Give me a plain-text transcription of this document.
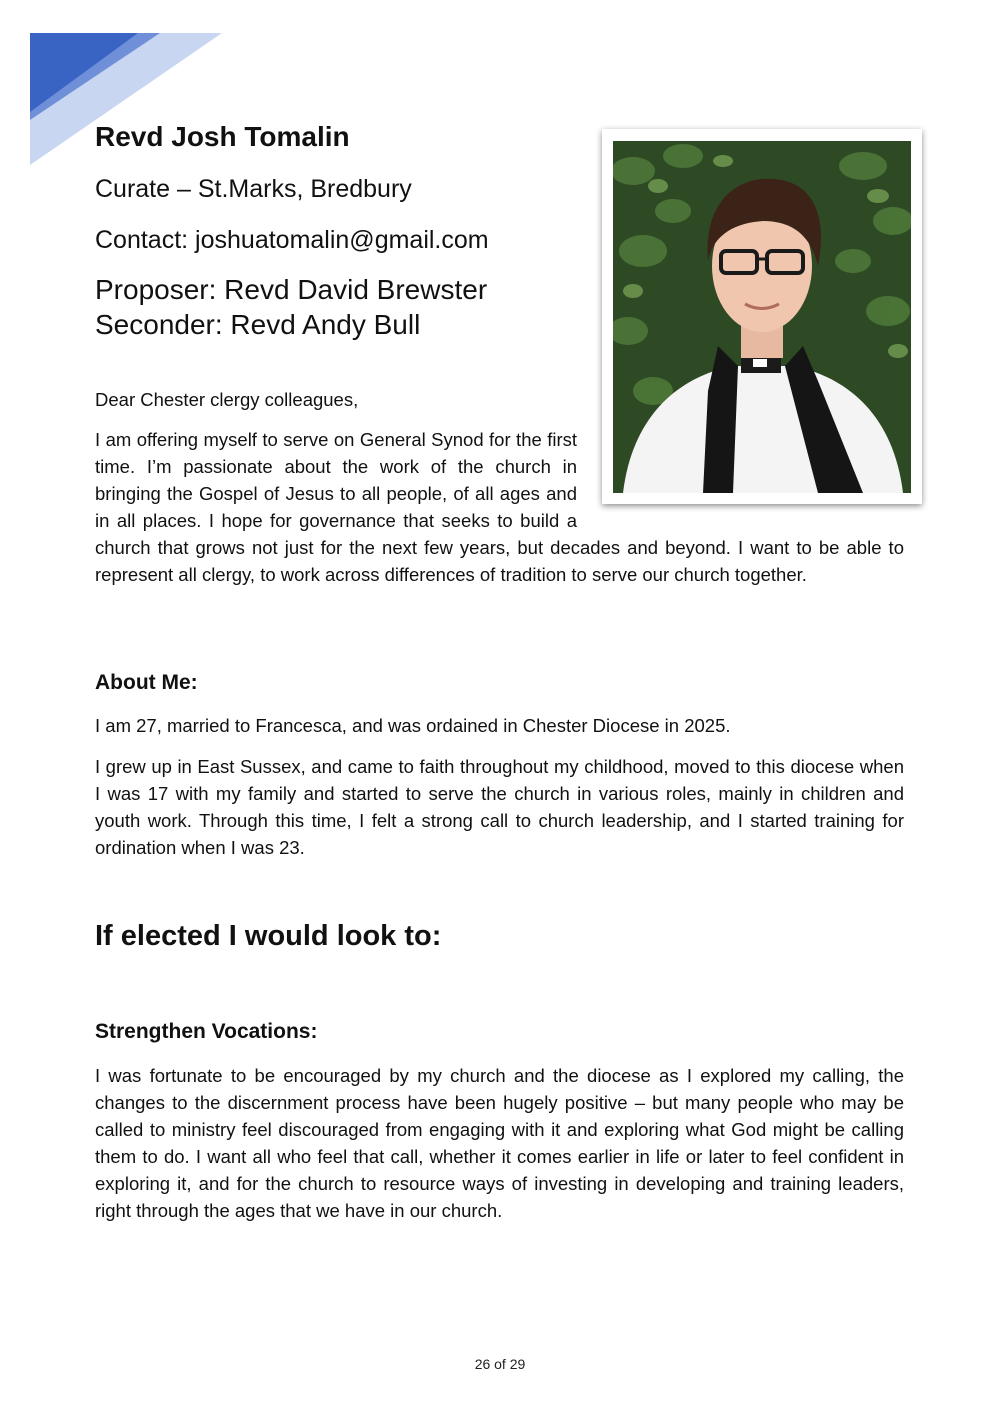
Revd Josh Tomalin

Curate – St.Marks, Bredbury

Contact: joshuatomalin@gmail.com

Proposer: Revd David Brewster

Seconder: Revd Andy Bull

Dear Chester clergy colleagues,

I am offering myself to serve on General Synod for the first time. I’m passionate about the work of the church in bringing the Gospel of Jesus to all people, of all ages and in all places. I hope for governance that seeks to build a church that grows not just for the next few years, but decades and beyond. I want to be able to represent all clergy, to work across differences of tradition to serve our church together.

About Me:

I am 27, married to Francesca, and was ordained in Chester Diocese in 2025.

I grew up in East Sussex, and came to faith throughout my childhood, moved to this diocese when I was 17 with my family and started to serve the church in various roles, mainly in children and youth work. Through this time, I felt a strong call to church leadership, and I started training for ordination when I was 23.

If elected I would look to:
Strengthen Vocations:

I was fortunate to be encouraged by my church and the diocese as I explored my calling, the changes to the discernment process have been hugely positive – but many people who may be called to ministry feel discouraged from engaging with it and exploring what God might be calling them to do. I want all who feel that call, whether it comes earlier in life or later to feel confident in exploring it, and for the church to resource ways of investing in developing and training leaders, right through the ages that we have in our church.

26 of 29
